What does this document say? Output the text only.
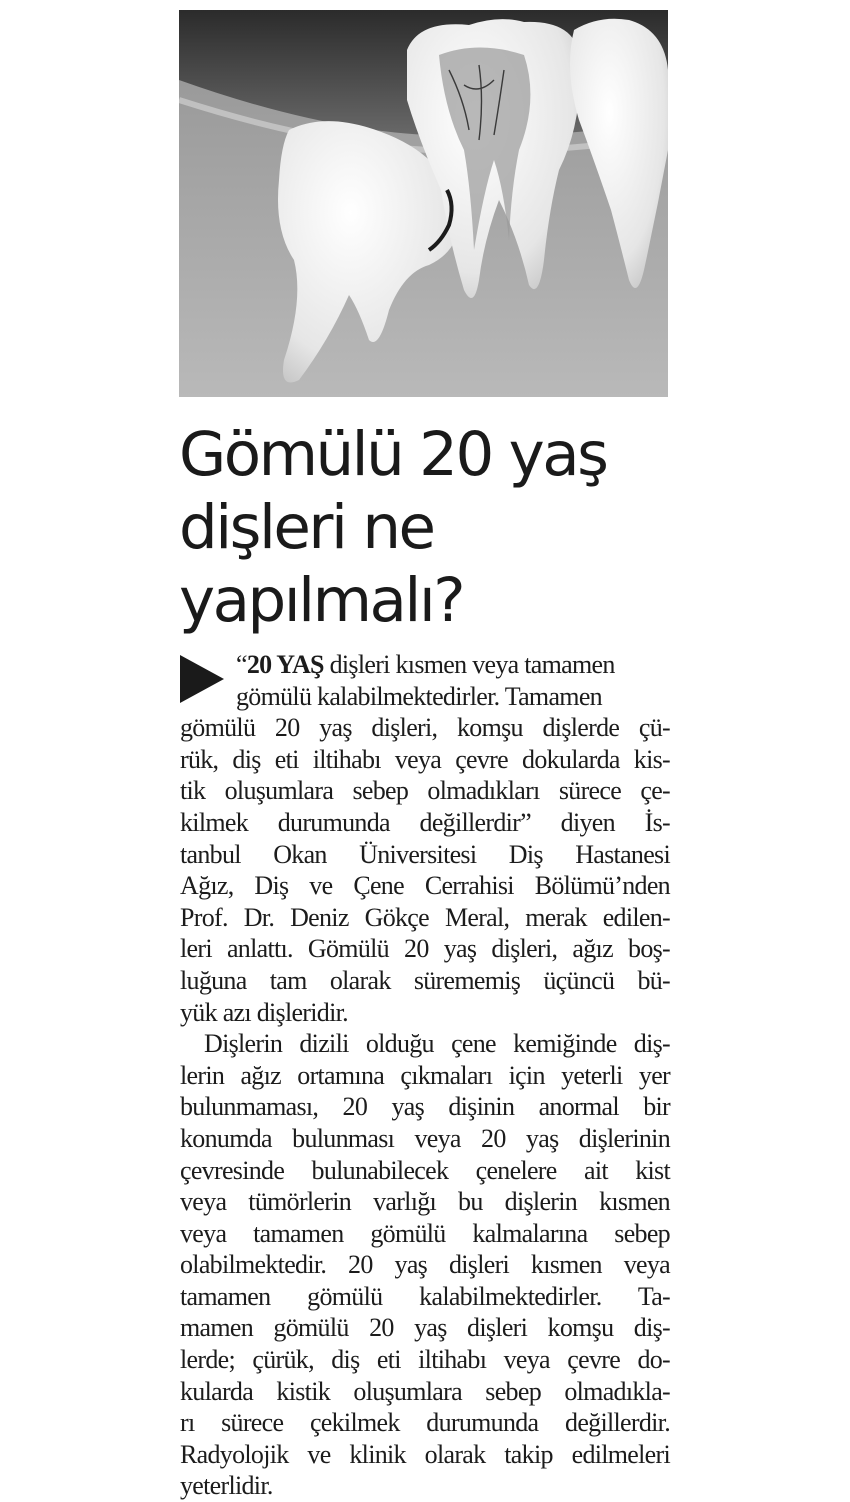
Gömülü 20 yaş
dişleri ne
yapılmalı?
“20 YAŞ dişleri kısmen veya tamamen
gömülü kalabilmektedirler. Tamamen
gömülü 20 yaş dişleri, komşu dişlerde çü-
rük, diş eti iltihabı veya çevre dokularda kis-
tik oluşumlara sebep olmadıkları sürece çe-
kilmek durumunda değillerdir” diyen İs-
tanbul Okan Üniversitesi Diş Hastanesi
Ağız, Diş ve Çene Cerrahisi Bölümü’nden
Prof. Dr. Deniz Gökçe Meral, merak edilen-
leri anlattı. Gömülü 20 yaş dişleri, ağız boş-
luğuna tam olarak sürememiş üçüncü bü-
yük azı dişleridir.
Dişlerin dizili olduğu çene kemiğinde diş-
lerin ağız ortamına çıkmaları için yeterli yer
bulunmaması, 20 yaş dişinin anormal bir
konumda bulunması veya 20 yaş dişlerinin
çevresinde bulunabilecek çenelere ait kist
veya tümörlerin varlığı bu dişlerin kısmen
veya tamamen gömülü kalmalarına sebep
olabilmektedir. 20 yaş dişleri kısmen veya
tamamen gömülü kalabilmektedirler. Ta-
mamen gömülü 20 yaş dişleri komşu diş-
lerde; çürük, diş eti iltihabı veya çevre do-
kularda kistik oluşumlara sebep olmadıkla-
rı sürece çekilmek durumunda değillerdir.
Radyolojik ve klinik olarak takip edilmeleri
yeterlidir.
